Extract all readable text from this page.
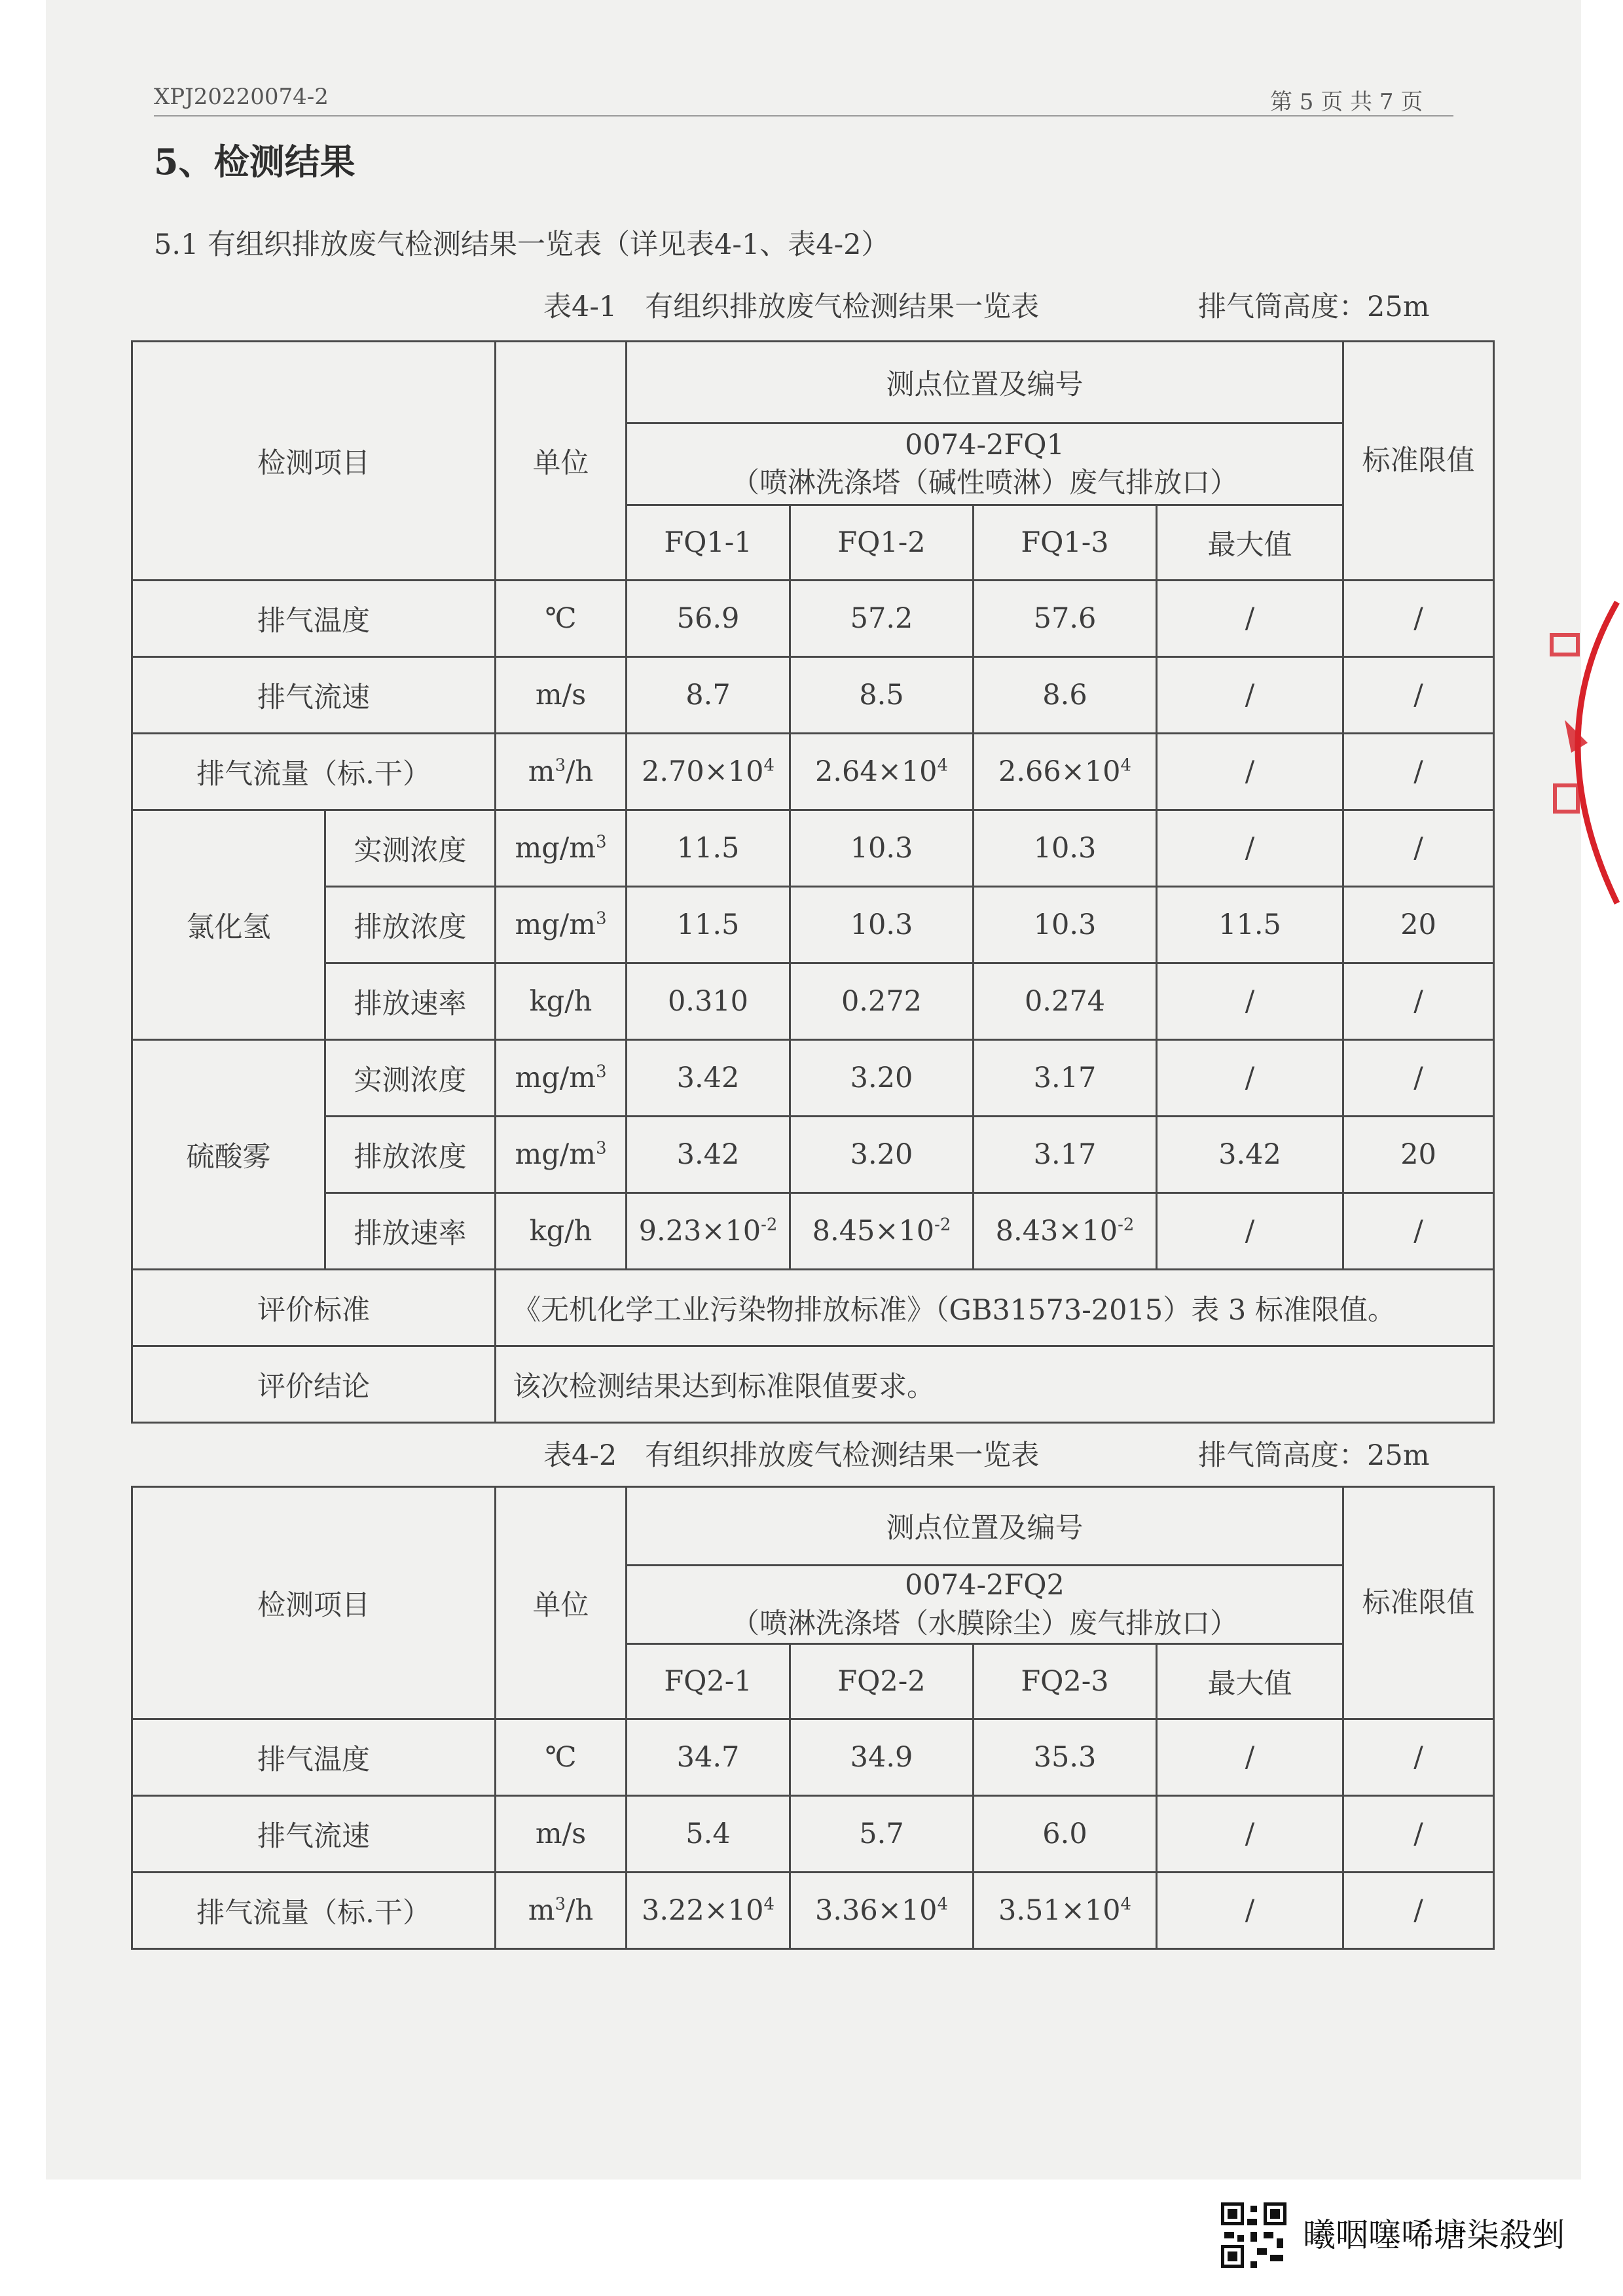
XPJ20220074-2	第 5 页 共 7 页
5、检测结果
5.1 有组织排放废气检测结果一览表（详见表4-1、表4-2）
表4-1　有组织排放废气检测结果一览表	排气筒高度：25m
检测项目		单位	测点位置及编号				标准限值

			0074-2FQ1
（喷淋洗涤塔（碱性喷淋）废气排放口）				

			FQ1-1	FQ1-2	FQ1-3	最大值	
排气温度		℃	56.9	57.2	57.6	/	/
排气流速		m/s	8.7	8.5	8.6	/	/
排气流量（标.干）		$m^3/h$	$2.70\times 10^4$	$2.64\times 10^4$	$2.66\times 10^4$	/	/
氯化氢	实测浓度	$mg/m^3$	11.5	10.3	10.3	/	/
	排放浓度	$mg/m^3$	11.5	10.3	10.3	11.5	20
	排放速率	kg/h	0.310	0.272	0.274	/	/
硫酸雾	实测浓度	$mg/m^3$	3.42	3.20	3.17	/	/
	排放浓度	$mg/m^3$	3.42	3.20	3.17	3.42	20
	排放速率	kg/h	$9.23\times 10^{-2}$	$8.45\times 10^{-2}$	$8.43\times 10^{-2}$	/	/
评价标准		《无机化学工业污染物排放标准》（GB31573-2015）表 3 标准限值。					
评价结论		该次检测结果达到标准限值要求。					
表4-2　有组织排放废气检测结果一览表	排气筒高度：25m
检测项目	单位	测点位置及编号				标准限值

		0074-2FQ2
（喷淋洗涤塔（水膜除尘）废气排放口）				

		FQ2-1	FQ2-2	FQ2-3	最大值	
排气温度	℃	34.7	34.9	35.3	/	/
排气流速	m/s	5.4	5.7	6.0	/	/
排气流量（标.干）	$m^3/h$	$3.22\times 10^4$	$3.36\times 10^4$	$3.51\times 10^4$	/	/
曦咽噻唏塘柒殺剉
